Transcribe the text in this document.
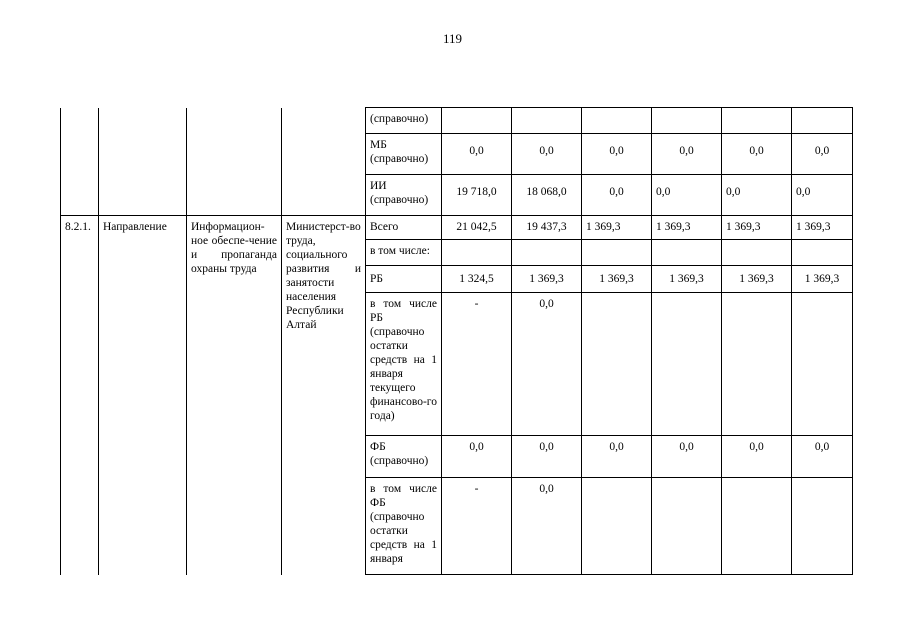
119
				(справочно)						
				МБ (справочно)	0,0	0,0	0,0	0,0	0,0	0,0
				ИИ (справочно)	19 718,0	18 068,0	0,0	0,0	0,0	0,0
8.2.1.	Направление	Информацион-ное обеспе-чение и пропаганда охраны труда	Министерст-во труда, социального развития и занятости населения Республики Алтай	Всего	21 042,5	19 437,3	1 369,3	1 369,3	1 369,3	1 369,3
				в том числе:						
				РБ	1 324,5	1 369,3	1 369,3	1 369,3	1 369,3	1 369,3
				в том числе РБ (справочно остатки средств на 1 января текущего финансово-го года)	-	0,0				
				ФБ (справочно)	0,0	0,0	0,0	0,0	0,0	0,0
				в том числе ФБ (справочно остатки средств на 1 января	-	0,0				
